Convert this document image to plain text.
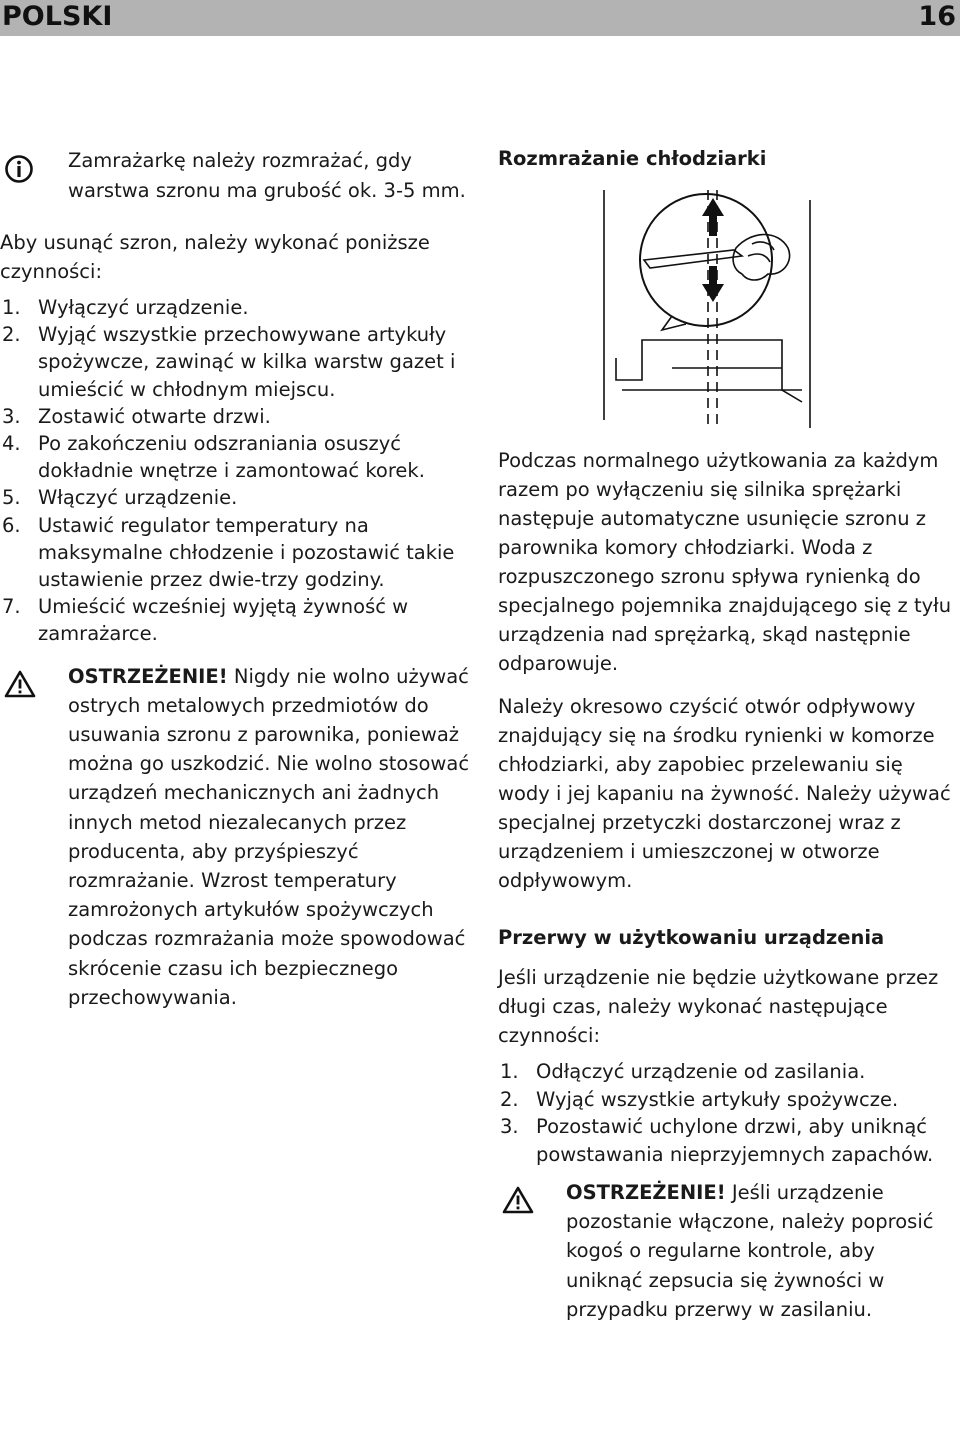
POLSKI	16
Zamrażarkę należy rozmrażać, gdy warstwa szronu ma grubość ok. 3-5 mm.

Aby usunąć szron, należy wykonać poniższe czynności:

1. Wyłączyć urządzenie.
2. Wyjąć wszystkie przechowywane artykuły spożywcze, zawinąć w kilka warstw gazet i umieścić w chłodnym miejscu.
3. Zostawić otwarte drzwi.
4. Po zakończeniu odszraniania osuszyć dokładnie wnętrze i zamontować korek.
5. Włączyć urządzenie.
6. Ustawić regulator temperatury na maksymalne chłodzenie i pozostawić takie ustawienie przez dwie-trzy godziny.
7. Umieścić wcześniej wyjętą żywność w zamrażarce.
OSTRZEŻENIE! Nigdy nie wolno używać ostrych metalowych przedmiotów do usuwania szronu z parownika, ponieważ można go uszkodzić. Nie wolno stosować urządzeń mechanicznych ani żadnych innych metod niezalecanych przez producenta, aby przyśpieszyć rozmrażanie. Wzrost temperatury zamrożonych artykułów spożywczych podczas rozmrażania może spowodować skrócenie czasu ich bezpiecznego przechowywania.
Rozmrażanie chłodziarki

Podczas normalnego użytkowania za każdym razem po wyłączeniu się silnika sprężarki następuje automatyczne usunięcie szronu z parownika komory chłodziarki. Woda z rozpuszczonego szronu spływa rynienką do specjalnego pojemnika znajdującego się z tyłu urządzenia nad sprężarką, skąd następnie odparowuje.

Należy okresowo czyścić otwór odpływowy znajdujący się na środku rynienki w komorze chłodziarki, aby zapobiec przelewaniu się wody i jej kapaniu na żywność. Należy używać specjalnej przetyczki dostarczonej wraz z urządzeniem i umieszczonej w otworze odpływowym.

Przerwy w użytkowaniu urządzenia

Jeśli urządzenie nie będzie użytkowane przez długi czas, należy wykonać następujące czynności:

1. Odłączyć urządzenie od zasilania.
2. Wyjąć wszystkie artykuły spożywcze.
3. Pozostawić uchylone drzwi, aby uniknąć powstawania nieprzyjemnych zapachów.
OSTRZEŻENIE! Jeśli urządzenie pozostanie włączone, należy poprosić kogoś o regularne kontrole, aby uniknąć zepsucia się żywności w przypadku przerwy w zasilaniu.
